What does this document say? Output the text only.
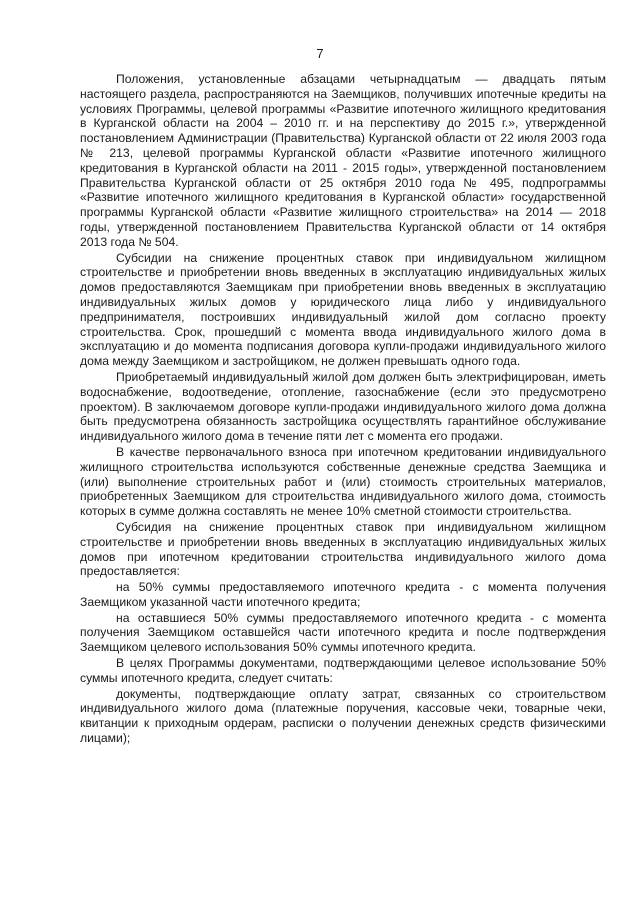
7

Положения, установленные абзацами четырнадцатым — двадцать пятым настоящего раздела, распространяются на Заемщиков, получивших ипотечные кредиты на условиях Программы, целевой программы «Развитие ипотечного жилищного кредитования в Курганской области на 2004 – 2010 гг. и на перспективу до 2015 г.», утвержденной постановлением Администрации (Правительства) Курганской области от 22 июля 2003 года № 213, целевой программы Курганской области «Развитие ипотечного жилищного кредитования в Курганской области на 2011 - 2015 годы», утвержденной постановлением Правительства Курганской области от 25 октября 2010 года № 495, подпрограммы «Развитие ипотечного жилищного кредитования в Курганской области» государственной программы Курганской области «Развитие жилищного строительства» на 2014 — 2018 годы, утвержденной постановлением Правительства Курганской области от 14 октября 2013 года № 504.

Субсидии на снижение процентных ставок при индивидуальном жилищном строительстве и приобретении вновь введенных в эксплуатацию индивидуальных жилых домов предоставляются Заемщикам при приобретении вновь введенных в эксплуатацию индивидуальных жилых домов у юридического лица либо у индивидуального предпринимателя, построивших индивидуальный жилой дом согласно проекту строительства. Срок, прошедший с момента ввода индивидуального жилого дома в эксплуатацию и до момента подписания договора купли-продажи индивидуального жилого дома между Заемщиком и застройщиком, не должен превышать одного года.

Приобретаемый индивидуальный жилой дом должен быть электрифицирован, иметь водоснабжение, водоотведение, отопление, газоснабжение (если это предусмотрено проектом). В заключаемом договоре купли-продажи индивидуального жилого дома должна быть предусмотрена обязанность застройщика осуществлять гарантийное обслуживание индивидуального жилого дома в течение пяти лет с момента его продажи.

В качестве первоначального взноса при ипотечном кредитовании индивидуального жилищного строительства используются собственные денежные средства Заемщика и (или) выполнение строительных работ и (или) стоимость строительных материалов, приобретенных Заемщиком для строительства индивидуального жилого дома, стоимость которых в сумме должна составлять не менее 10% сметной стоимости строительства.

Субсидия на снижение процентных ставок при индивидуальном жилищном строительстве и приобретении вновь введенных в эксплуатацию индивидуальных жилых домов при ипотечном кредитовании строительства индивидуального жилого дома предоставляется:

на 50% суммы предоставляемого ипотечного кредита - с момента получения Заемщиком указанной части ипотечного кредита;

на оставшиеся 50% суммы предоставляемого ипотечного кредита - с момента получения Заемщиком оставшейся части ипотечного кредита и после подтверждения Заемщиком целевого использования 50% суммы ипотечного кредита.

В целях Программы документами, подтверждающими целевое использование 50% суммы ипотечного кредита, следует считать:

документы, подтверждающие оплату затрат, связанных со строительством индивидуального жилого дома (платежные поручения, кассовые чеки, товарные чеки, квитанции к приходным ордерам, расписки о получении денежных средств физическими лицами);
